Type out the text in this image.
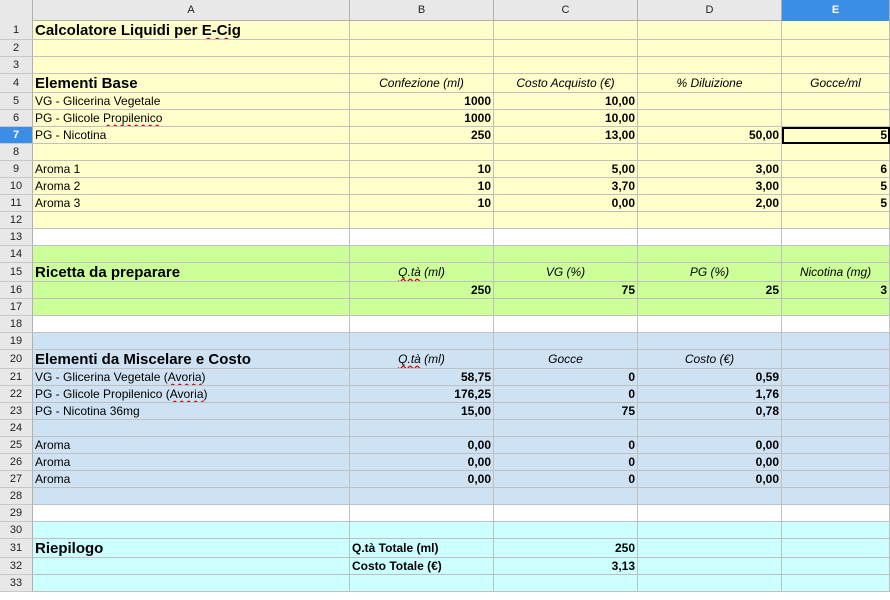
A	B	C	D	E
1	Calcolatore Liquidi per E-Cig
2
3
4	Elementi Base	Confezione (ml)	Costo Acquisto (€)	% Diluizione	Gocce/ml
5	VG - Glicerina Vegetale	1000	10,00
6	PG - Glicole Propilenico	1000	10,00
7	PG - Nicotina	250	13,00	50,00	5
8
9	Aroma 1	10	5,00	3,00	6
10	Aroma 2	10	3,70	3,00	5
11	Aroma 3	10	0,00	2,00	5
12
13
14
15 Ricetta da preparare	Q.tà (ml)	VG (%)	PG (%)	Nicotina (mg)
16	250	75	25	3
17
18
19
20 Elementi da Miscelare e Costo	Q.tà (ml)	Gocce	Costo (€)
21	VG - Glicerina Vegetale (Avoria)	58,75	0	0,59
22	PG - Glicole Propilenico (Avoria)	176,25	0	1,76
23	PG - Nicotina 36mg	15,00	75	0,78
24
25	Aroma	0,00	0	0,00
26	Aroma	0,00	0	0,00
27	Aroma	0,00	0	0,00
28
29
30
31 Riepilogo	Q.tà Totale (ml)	250
32	Costo Totale (€)	3,13
33
